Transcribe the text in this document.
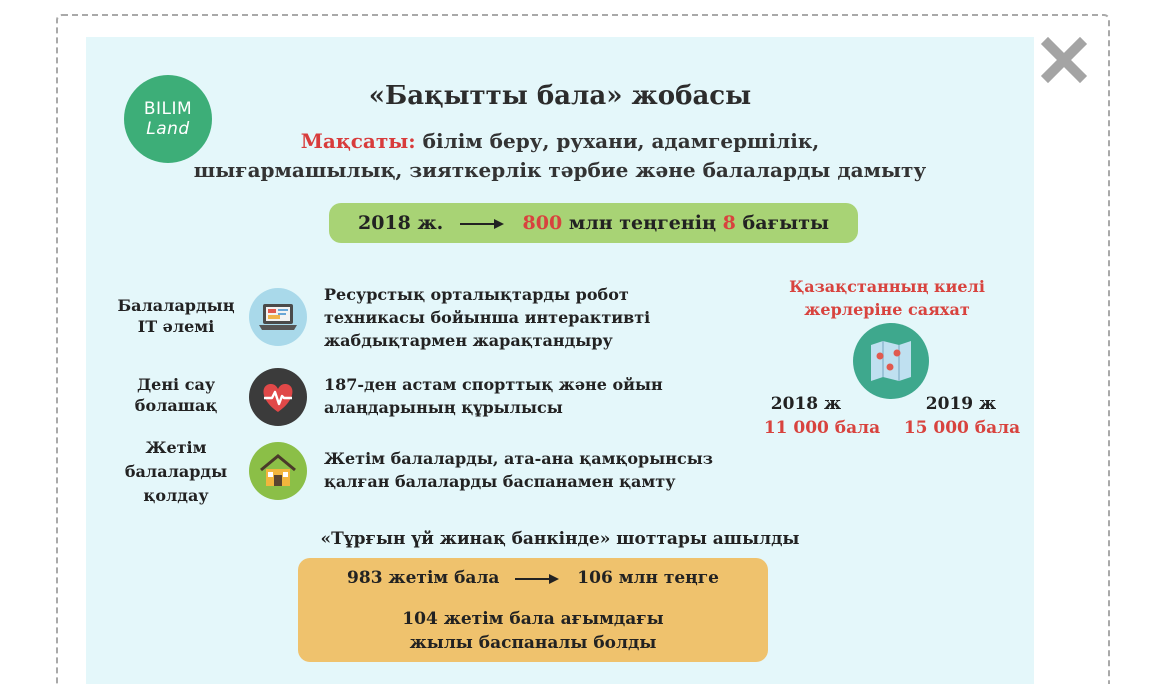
BILIM
Land
«Бақытты бала» жобасы
Мақсаты: білім беру, рухани, адамгершілік,
шығармашылық, зияткерлік тәрбие және балаларды дамыту
2018 ж.	800 млн теңгенің 8 бағыты
Балалардың
IT әлемі
Ресурстық орталықтарды робот
техникасы бойынша интерактивті
жабдықтармен жарақтандыру
Дені сау
болашақ
187-ден астам спорттық және ойын
алаңдарының құрылысы
Жетім
балаларды
қолдау
Жетім балаларды, ата-ана қамқорынсыз
қалған балаларды баспанамен қамту
Қазақстанның киелі
жерлеріне саяхат
2018 ж
11 000 бала
2019 ж
15 000 бала
«Тұрғын үй жинақ банкінде» шоттары ашылды
983 жетім бала	106 млн теңге
104 жетім бала ағымдағы
жылы баспаналы болды
